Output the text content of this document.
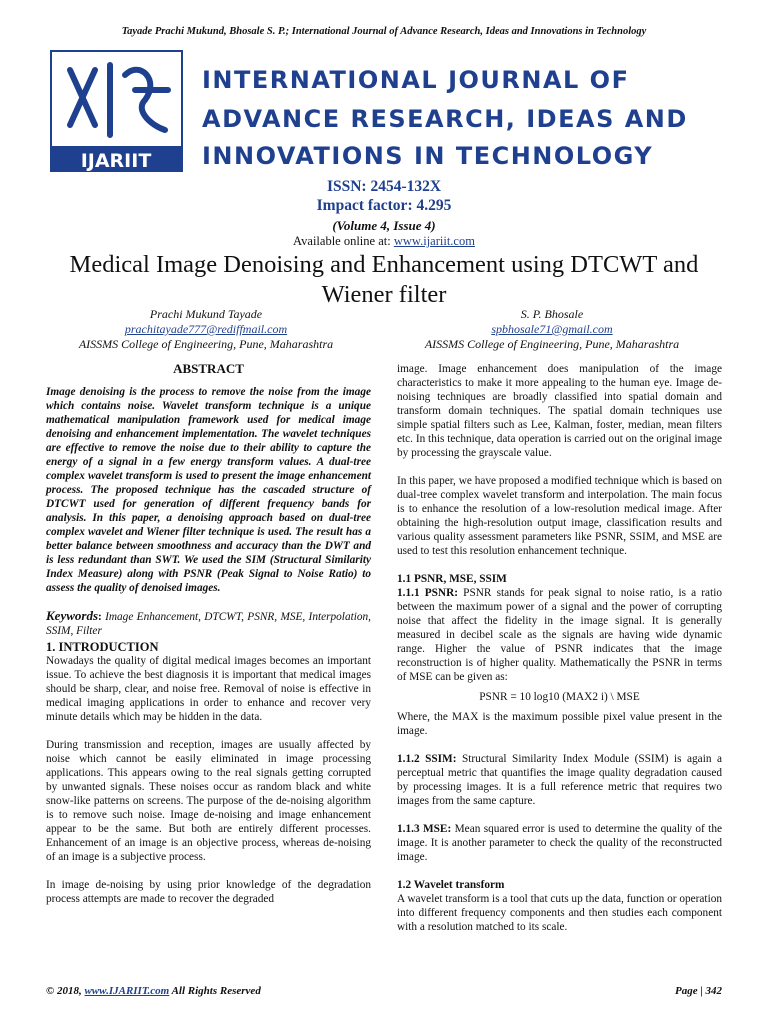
Tayade Prachi Mukund, Bhosale S. P.; International Journal of Advance Research, Ideas and Innovations in Technology
IJARIIT
INTERNATIONAL JOURNAL OF
ADVANCE RESEARCH, IDEAS AND
INNOVATIONS IN TECHNOLOGY
ISSN: 2454-132X
Impact factor: 4.295
(Volume 4, Issue 4)
Available online at: www.ijariit.com
Medical Image Denoising and Enhancement using DTCWT and
Wiener filter
Prachi Mukund Tayade
prachitayade777@rediffmail.com
AISSMS College of Engineering, Pune, Maharashtra
S. P. Bhosale
spbhosale71@gmail.com
AISSMS College of Engineering, Pune, Maharashtra
ABSTRACT

Image denoising is the process to remove the noise from the image which contains noise. Wavelet transform technique is a unique mathematical manipulation framework used for medical image denoising and enhancement implementation. The wavelet techniques are effective to remove the noise due to their ability to capture the energy of a signal in a few energy transform values. A dual-tree complex wavelet transform is used to present the image enhancement process. The proposed technique has the cascaded structure of DTCWT used for generation of different frequency bands for analysis. In this paper, a denoising approach based on dual-tree complex wavelet and Wiener filter technique is used. The result has a better balance between smoothness and accuracy than the DWT and is less redundant than SWT. We used the SIM (Structural Similarity Index Measure) along with PSNR (Peak Signal to Noise Ratio) to assess the quality of denoised images.

Keywords: Image Enhancement, DTCWT, PSNR, MSE, Interpolation, SSIM, Filter

1. INTRODUCTION

Nowadays the quality of digital medical images becomes an important issue. To achieve the best diagnosis it is important that medical images should be sharp, clear, and noise free. Removal of noise is effective in medical imaging applications in order to enhance and recover very minute details which may be hidden in the data.

During transmission and reception, images are usually affected by noise which cannot be easily eliminated in image processing applications. This appears owing to the real signals getting corrupted by unwanted signals. These noises occur as random black and white snow-like patterns on screens. The purpose of the de-noising algorithm is to remove such noise. Image de-noising and image enhancement appear to be the same. But both are entirely different processes. Enhancement of an image is an objective process, whereas de-noising of an image is a subjective process.

In image de-noising by using prior knowledge of the degradation process attempts are made to recover the degraded

image. Image enhancement does manipulation of the image characteristics to make it more appealing to the human eye. Image de-noising techniques are broadly classified into spatial domain and transform domain techniques. The spatial domain techniques use simple spatial filters such as Lee, Kalman, foster, median, mean filters etc. In this technique, data operation is carried out on the original image by processing the grayscale value.

In this paper, we have proposed a modified technique which is based on dual-tree complex wavelet transform and interpolation. The main focus is to enhance the resolution of a low-resolution medical image. After obtaining the high-resolution output image, classification results and various quality assessment parameters like PSNR, SSIM, and MSE are used to test this resolution enhancement technique.

1.1 PSNR, MSE, SSIM

1.1.1 PSNR: PSNR stands for peak signal to noise ratio, is a ratio between the maximum power of a signal and the power of corrupting noise that affect the fidelity in the image signal. It is generally measured in decibel scale as the signals are having wide dynamic range. Higher the value of PSNR indicates that the image reconstruction is of higher quality. Mathematically the PSNR in terms of MSE can be given as:

PSNR = 10 log10 (MAX2 i) \ MSE

Where, the MAX is the maximum possible pixel value present in the image.

1.1.2 SSIM: Structural Similarity Index Module (SSIM) is again a perceptual metric that quantifies the image quality degradation caused by processing images. It is a full reference metric that requires two images from the same capture.

1.1.3 MSE: Mean squared error is used to determine the quality of the image. It is another parameter to check the quality of the reconstructed image.

1.2 Wavelet transform

A wavelet transform is a tool that cuts up the data, function or operation into different frequency components and then studies each component with a resolution matched to its scale.

© 2018, www.IJARIIT.com All Rights Reserved	Page | 342
